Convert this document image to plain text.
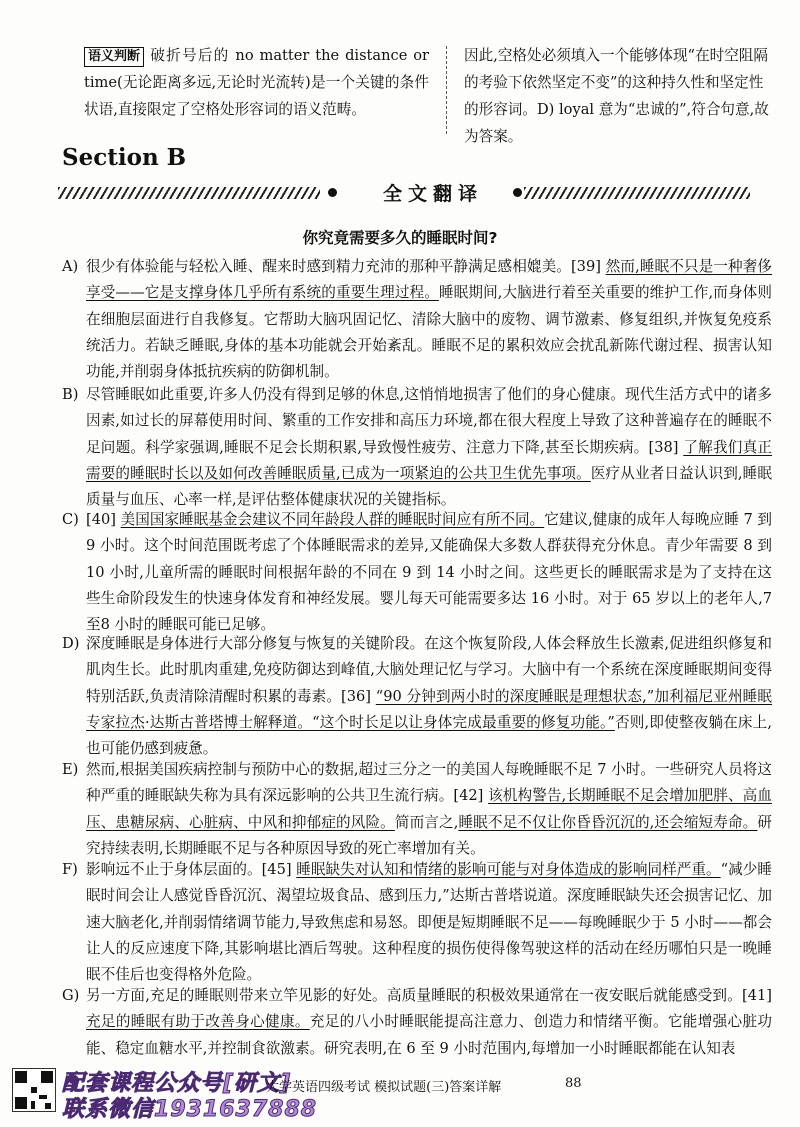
语义判断 破折号后的 no matter the distance or time(无论距离多远,无论时光流转)是一个关键的条件状语,直接限定了空格处形容词的语义范畴。
因此,空格处必须填入一个能够体现“在时空阻隔的考验下依然坚定不变”的这种持久性和坚定性的形容词。D) loyal 意为“忠诚的”,符合句意,故为答案。
Section B
全文翻译
你究竟需要多久的睡眠时间?
A) 很少有体验能与轻松入睡、醒来时感到精力充沛的那种平静满足感相媲美。[39] 然而,睡眠不只是一种奢侈享受——它是支撑身体几乎所有系统的重要生理过程。睡眠期间,大脑进行着至关重要的维护工作,而身体则在细胞层面进行自我修复。它帮助大脑巩固记忆、清除大脑中的废物、调节激素、修复组织,并恢复免疫系统活力。若缺乏睡眠,身体的基本功能就会开始紊乱。睡眠不足的累积效应会扰乱新陈代谢过程、损害认知功能,并削弱身体抵抗疾病的防御机制。
B) 尽管睡眠如此重要,许多人仍没有得到足够的休息,这悄悄地损害了他们的身心健康。现代生活方式中的诸多因素,如过长的屏幕使用时间、繁重的工作安排和高压力环境,都在很大程度上导致了这种普遍存在的睡眠不足问题。科学家强调,睡眠不足会长期积累,导致慢性疲劳、注意力下降,甚至长期疾病。[38] 了解我们真正需要的睡眠时长以及如何改善睡眠质量,已成为一项紧迫的公共卫生优先事项。医疗从业者日益认识到,睡眠质量与血压、心率一样,是评估整体健康状况的关键指标。
C) [40] 美国国家睡眠基金会建议不同年龄段人群的睡眠时间应有所不同。它建议,健康的成年人每晚应睡 7 到 9 小时。这个时间范围既考虑了个体睡眠需求的差异,又能确保大多数人群获得充分休息。青少年需要 8 到 10 小时,儿童所需的睡眠时间根据年龄的不同在 9 到 14 小时之间。这些更长的睡眠需求是为了支持在这些生命阶段发生的快速身体发育和神经发展。婴儿每天可能需要多达 16 小时。对于 65 岁以上的老年人,7 至8 小时的睡眠可能已足够。
D) 深度睡眠是身体进行大部分修复与恢复的关键阶段。在这个恢复阶段,人体会释放生长激素,促进组织修复和肌肉生长。此时肌肉重建,免疫防御达到峰值,大脑处理记忆与学习。大脑中有一个系统在深度睡眠期间变得特别活跃,负责清除清醒时积累的毒素。[36] “90 分钟到两小时的深度睡眠是理想状态,”加利福尼亚州睡眠专家拉杰·达斯古普塔博士解释道。“这个时长足以让身体完成最重要的修复功能。”否则,即使整夜躺在床上,也可能仍感到疲惫。
E) 然而,根据美国疾病控制与预防中心的数据,超过三分之一的美国人每晚睡眠不足 7 小时。一些研究人员将这种严重的睡眠缺失称为具有深远影响的公共卫生流行病。[42] 该机构警告,长期睡眠不足会增加肥胖、高血压、患糖尿病、心脏病、中风和抑郁症的风险。简而言之,睡眠不足不仅让你昏昏沉沉的,还会缩短寿命。研究持续表明,长期睡眠不足与各种原因导致的死亡率增加有关。
F) 影响远不止于身体层面的。[45] 睡眠缺失对认知和情绪的影响可能与对身体造成的影响同样严重。“减少睡眠时间会让人感觉昏昏沉沉、渴望垃圾食品、感到压力,”达斯古普塔说道。深度睡眠缺失还会损害记忆、加速大脑老化,并削弱情绪调节能力,导致焦虑和易怒。即便是短期睡眠不足——每晚睡眠少于 5 小时——都会让人的反应速度下降,其影响堪比酒后驾驶。这种程度的损伤使得像驾驶这样的活动在经历哪怕只是一晚睡眠不佳后也变得格外危险。
G) 另一方面,充足的睡眠则带来立竿见影的好处。高质量睡眠的积极效果通常在一夜安眠后就能感受到。[41] 充足的睡眠有助于改善身心健康。充足的八小时睡眠能提高注意力、创造力和情绪平衡。它能增强心脏功能、稳定血糖水平,并控制食欲激素。研究表明,在 6 至 9 小时范围内,每增加一小时睡眠都能在认知表
配套课程公众号[研文]
联系微信1931637888
大学英语四级考试 模拟试题(三)答案详解	88
